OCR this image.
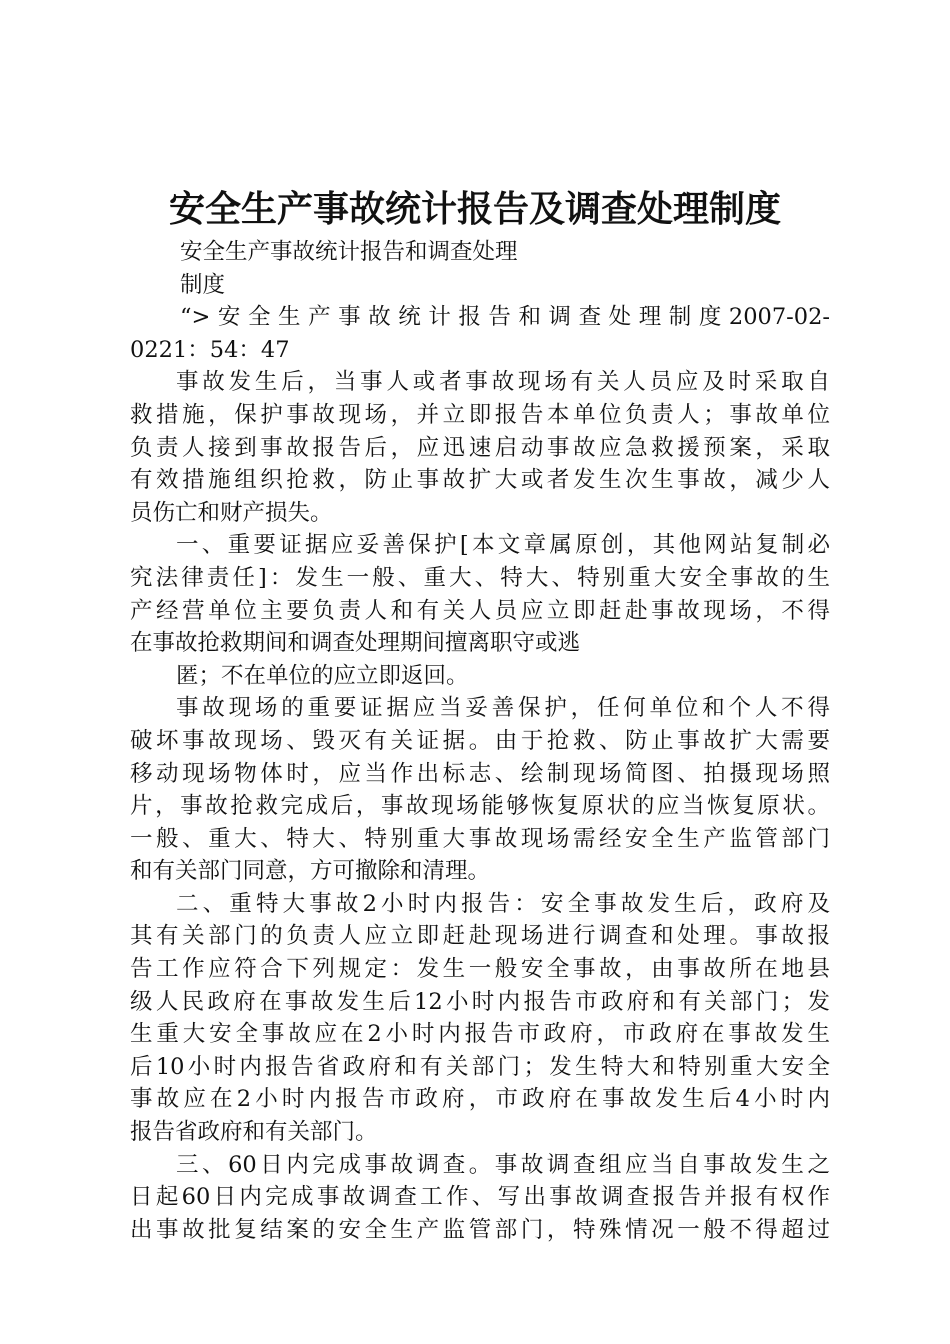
安全生产事故统计报告及调查处理制度
安全生产事故统计报告和调查处理
制度
“>安全生产事故统计报告和调查处理制度2007-02-
0221：54：47
事故发生后，当事人或者事故现场有关人员应及时采取自
救措施，保护事故现场，并立即报告本单位负责人；事故单位
负责人接到事故报告后，应迅速启动事故应急救援预案，采取
有效措施组织抢救，防止事故扩大或者发生次生事故，减少人
员伤亡和财产损失。
一、重要证据应妥善保护[本文章属原创，其他网站复制必
究法律责任]：发生一般、重大、特大、特别重大安全事故的生
产经营单位主要负责人和有关人员应立即赶赴事故现场，不得
在事故抢救期间和调查处理期间擅离职守或逃
匿；不在单位的应立即返回。
事故现场的重要证据应当妥善保护，任何单位和个人不得
破坏事故现场、毁灭有关证据。由于抢救、防止事故扩大需要
移动现场物体时，应当作出标志、绘制现场简图、拍摄现场照
片，事故抢救完成后，事故现场能够恢复原状的应当恢复原状。
一般、重大、特大、特别重大事故现场需经安全生产监管部门
和有关部门同意，方可撤除和清理。
二、重特大事故2小时内报告：安全事故发生后，政府及
其有关部门的负责人应立即赶赴现场进行调查和处理。事故报
告工作应符合下列规定：发生一般安全事故，由事故所在地县
级人民政府在事故发生后12小时内报告市政府和有关部门；发
生重大安全事故应在2小时内报告市政府，市政府在事故发生
后10小时内报告省政府和有关部门；发生特大和特别重大安全
事故应在2小时内报告市政府，市政府在事故发生后4小时内
报告省政府和有关部门。
三、60日内完成事故调查。事故调查组应当自事故发生之
日起60日内完成事故调查工作、写出事故调查报告并报有权作
出事故批复结案的安全生产监管部门，特殊情况一般不得超过
